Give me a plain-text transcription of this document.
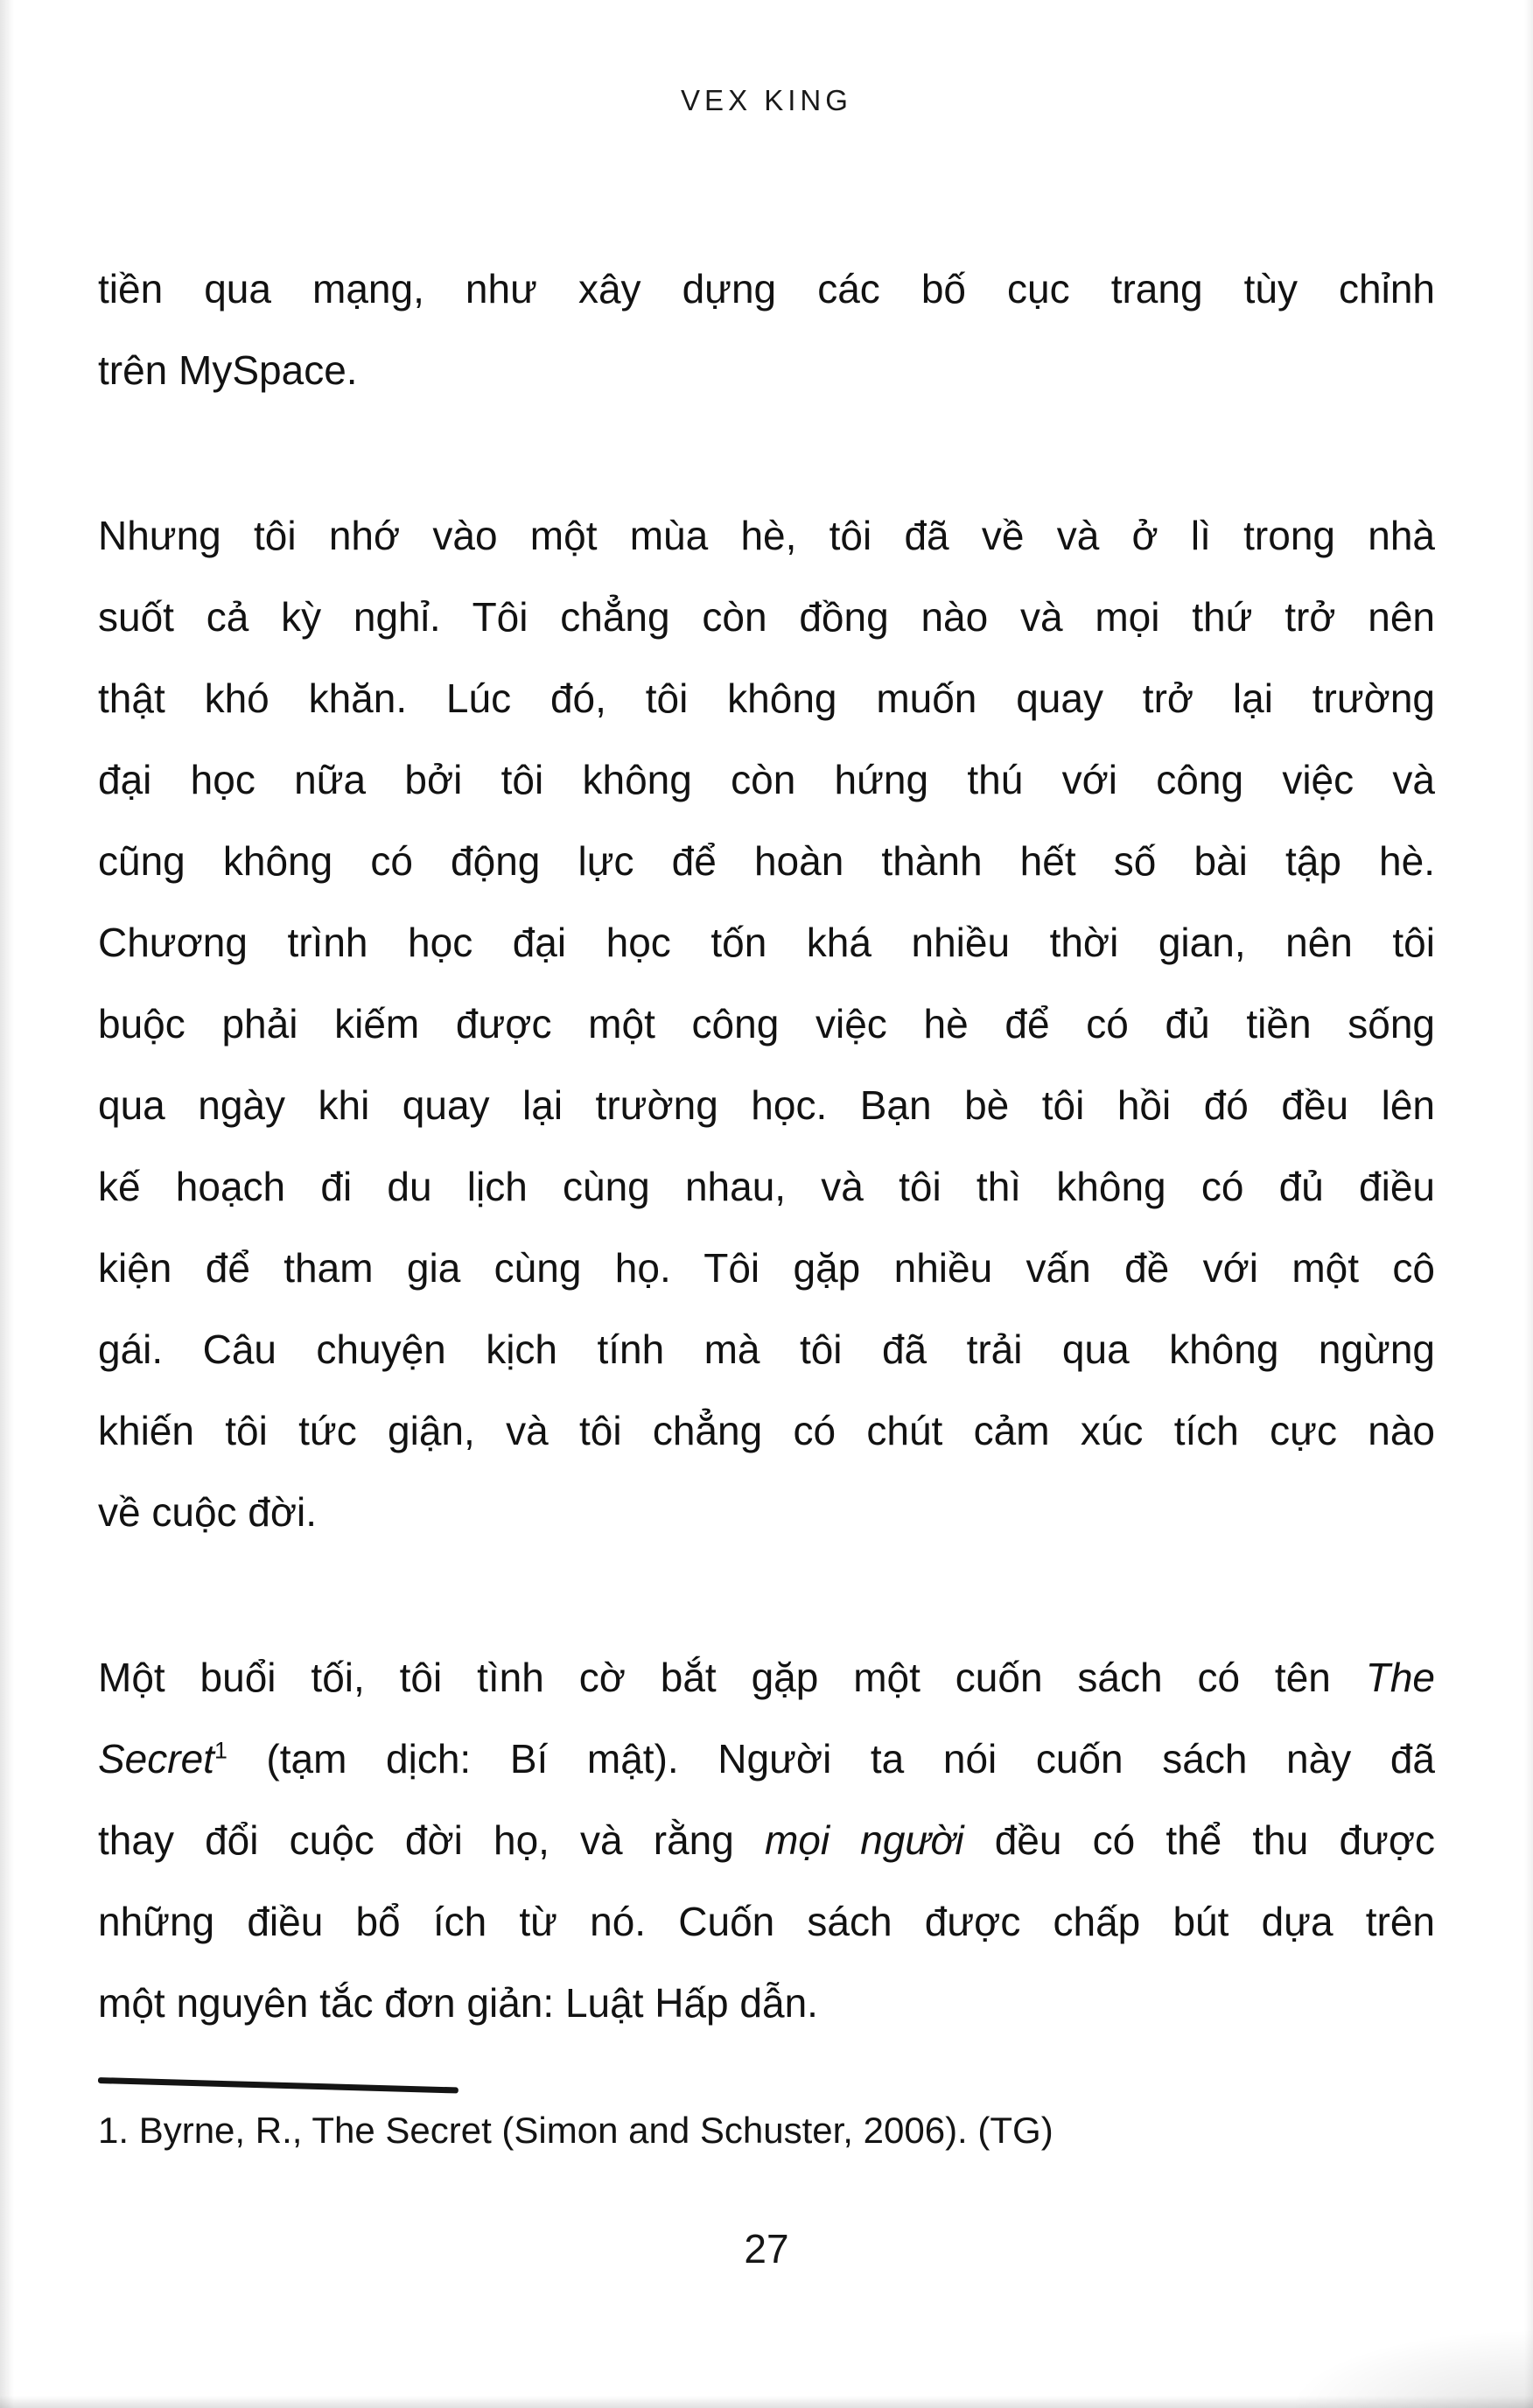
VEX KING
tiền qua mạng, như xây dựng các bố cục trang tùy chỉnh
trên MySpace.
Nhưng tôi nhớ vào một mùa hè, tôi đã về và ở lì trong nhà
suốt cả kỳ nghỉ. Tôi chẳng còn đồng nào và mọi thứ trở nên
thật khó khăn. Lúc đó, tôi không muốn quay trở lại trường
đại học nữa bởi tôi không còn hứng thú với công việc và
cũng không có động lực để hoàn thành hết số bài tập hè.
Chương trình học đại học tốn khá nhiều thời gian, nên tôi
buộc phải kiếm được một công việc hè để có đủ tiền sống
qua ngày khi quay lại trường học. Bạn bè tôi hồi đó đều lên
kế hoạch đi du lịch cùng nhau, và tôi thì không có đủ điều
kiện để tham gia cùng họ. Tôi gặp nhiều vấn đề với một cô
gái. Câu chuyện kịch tính mà tôi đã trải qua không ngừng
khiến tôi tức giận, và tôi chẳng có chút cảm xúc tích cực nào
về cuộc đời.
Một buổi tối, tôi tình cờ bắt gặp một cuốn sách có tên The
Secret$^1$ (tạm dịch: Bí mật). Người ta nói cuốn sách này đã
thay đổi cuộc đời họ, và rằng mọi người đều có thể thu được
những điều bổ ích từ nó. Cuốn sách được chấp bút dựa trên
một nguyên tắc đơn giản: Luật Hấp dẫn.
1. Byrne, R., The Secret (Simon and Schuster, 2006). (TG)
27
